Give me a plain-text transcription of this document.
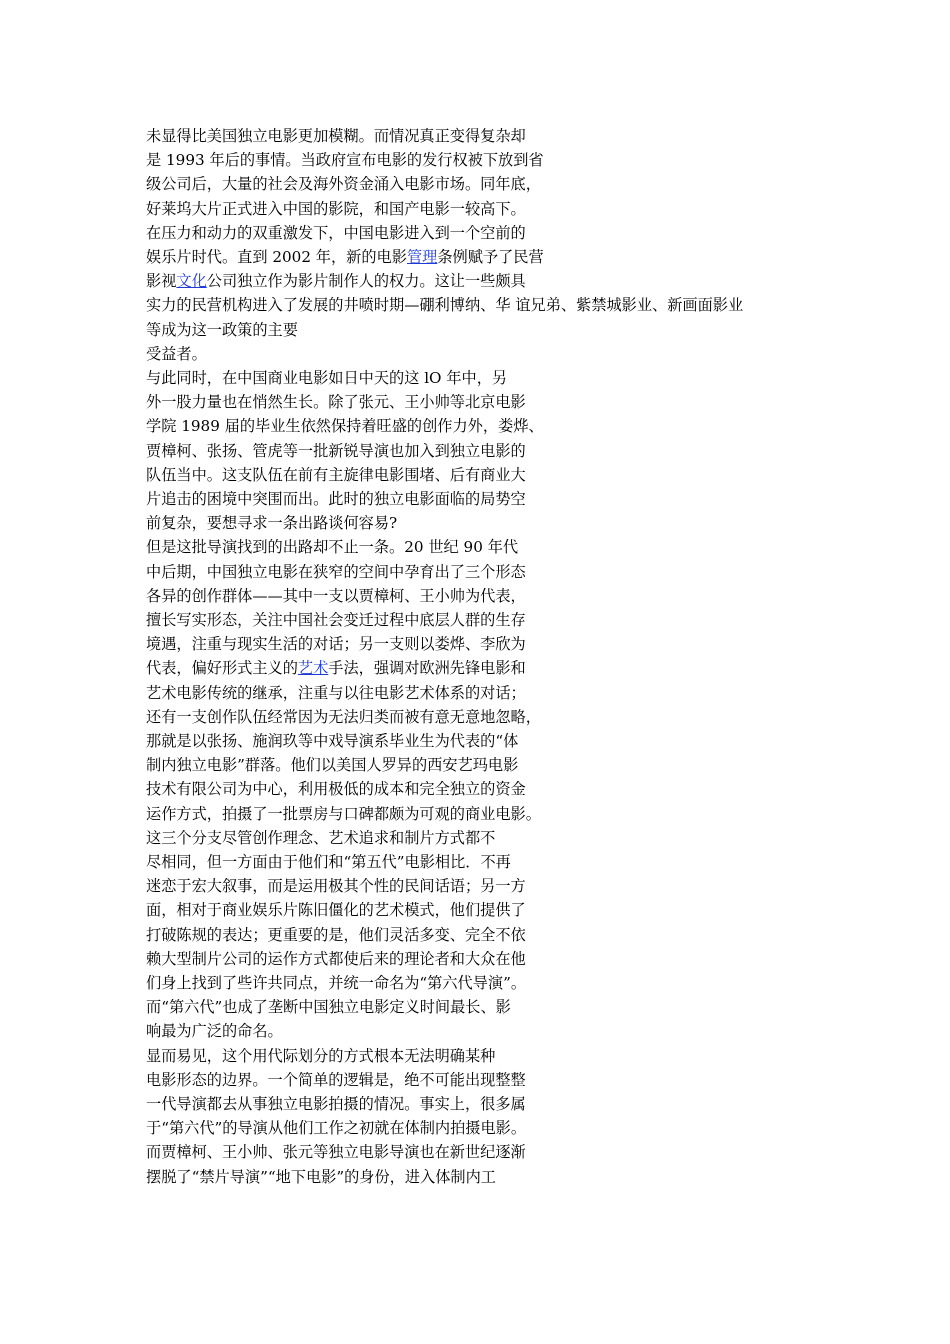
未显得比美国独立电影更加模糊。而情况真正变得复杂却
是 1993 年后的事情。当政府宣布电影的发行权被下放到省
级公司后，大量的社会及海外资金涌入电影市场。同年底，
好莱坞大片正式进入中国的影院，和国产电影一较高下。
在压力和动力的双重激发下，中国电影进入到一个空前的
娱乐片时代。直到 2002 年，新的电影管理条例赋予了民营
影视文化公司独立作为影片制作人的权力。这让一些颇具
实力的民营机构进入了发展的井喷时期—硼利博纳、华 谊兄弟、紫禁城影业、新画面影业
等成为这一政策的主要
受益者。
与此同时，在中国商业电影如日中天的这 lO 年中，另
外一股力量也在悄然生长。除了张元、王小帅等北京电影
学院 1989 届的毕业生依然保持着旺盛的创作力外，娄烨、
贾樟柯、张扬、管虎等一批新锐导演也加入到独立电影的
队伍当中。这支队伍在前有主旋律电影围堵、后有商业大
片追击的困境中突围而出。此时的独立电影面临的局势空
前复杂，要想寻求一条出路谈何容易?
但是这批导演找到的出路却不止一条。20 世纪 90 年代
中后期，中国独立电影在狭窄的空间中孕育出了三个形态
各异的创作群体——其中一支以贾樟柯、王小帅为代表，
擅长写实形态，关注中国社会变迁过程中底层人群的生存
境遇，注重与现实生活的对话；另一支则以娄烨、李欣为
代表，偏好形式主义的艺术手法，强调对欧洲先锋电影和
艺术电影传统的继承，注重与以往电影艺术体系的对话；
还有一支创作队伍经常因为无法归类而被有意无意地忽略，
那就是以张扬、施润玖等中戏导演系毕业生为代表的“体
制内独立电影”群落。他们以美国人罗异的西安艺玛电影
技术有限公司为中心，利用极低的成本和完全独立的资金
运作方式，拍摄了一批票房与口碑都颇为可观的商业电影。
这三个分支尽管创作理念、艺术追求和制片方式都不
尽相同，但一方面由于他们和“第五代”电影相比．不再
迷恋于宏大叙事，而是运用极其个性的民间话语；另一方
面，相对于商业娱乐片陈旧僵化的艺术模式，他们提供了
打破陈规的表达；更重要的是，他们灵活多变、完全不依
赖大型制片公司的运作方式都使后来的理论者和大众在他
们身上找到了些许共同点，并统一命名为“第六代导演”。
而“第六代”也成了垄断中国独立电影定义时间最长、影
响最为广泛的命名。
显而易见，这个用代际划分的方式根本无法明确某种
电影形态的边界。一个简单的逻辑是，绝不可能出现整整
一代导演都去从事独立电影拍摄的情况。事实上，很多属
于“第六代”的导演从他们工作之初就在体制内拍摄电影。
而贾樟柯、王小帅、张元等独立电影导演也在新世纪逐渐
摆脱了“禁片导演”“地下电影”的身份，进入体制内工
